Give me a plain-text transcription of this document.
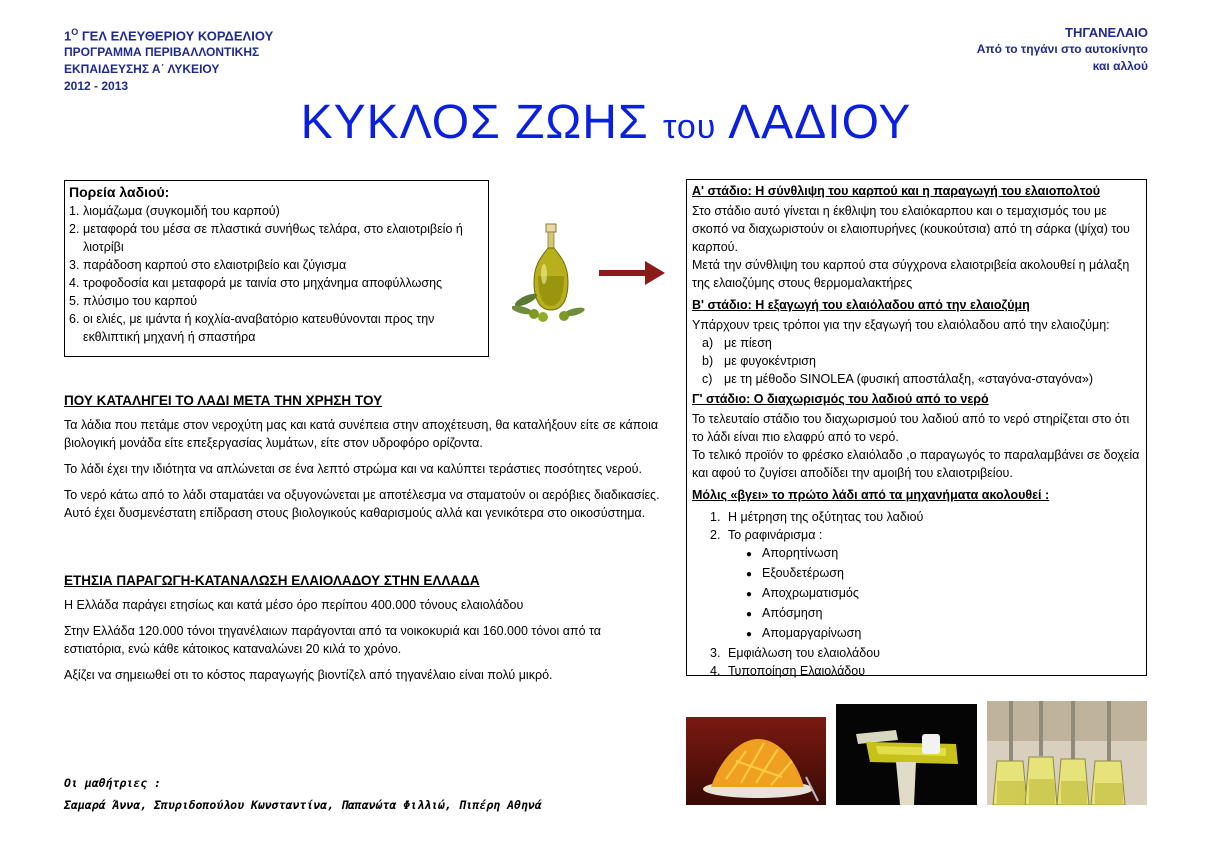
$1^O$ ΓΕΛ ΕΛΕΥΘΕΡΙΟΥ ΚΟΡΔΕΛΙΟΥ
ΠΡΟΓΡΑΜΜΑ ΠΕΡΙΒΑΛΛΟΝΤΙΚΗΣ
ΕΚΠΑΙΔΕΥΣΗΣ Α΄ ΛΥΚΕΙΟΥ
2012 - 2013
ΤΗΓΑΝΕΛΑΙΟ
Από το τηγάνι στο αυτοκίνητο
και αλλού
ΚΥΚΛΟΣ ΖΩΗΣ του ΛΑΔΙΟΥ
Πορεία λαδιού:
1. λιομάζωμα (συγκομιδή του καρπού)
2. μεταφορά του μέσα σε πλαστικά συνήθως τελάρα, στο ελαιοτριβείο ή λιοτρίβι
3. παράδοση καρπού στο ελαιοτριβείο και ζύγισμα
4. τροφοδοσία και μεταφορά με ταινία στο μηχάνημα αποφύλλωσης
5. πλύσιμο του καρπού
6. οι ελιές, με ιμάντα ή κοχλία-αναβατόριο κατευθύνονται προς την εκθλιπτική μηχανή ή σπαστήρα
ΠΟΥ ΚΑΤΑΛΗΓΕΙ ΤΟ ΛΑΔΙ ΜΕΤΑ ΤΗΝ ΧΡΗΣΗ ΤΟΥ

Τα λάδια που πετάμε στον νεροχύτη μας και κατά συνέπεια στην αποχέτευση, θα καταλήξουν είτε σε κάποια βιολογική μονάδα είτε επεξεργασίας λυμάτων, είτε στον υδροφόρο ορίζοντα.

Το λάδι έχει την ιδιότητα να απλώνεται σε ένα λεπτό στρώμα και να καλύπτει τεράστιες ποσότητες νερού.

Το νερό κάτω από το λάδι σταματάει να οξυγονώνεται με αποτέλεσμα να σταματούν οι αερόβιες διαδικασίες. Αυτό έχει δυσμενέστατη επίδραση στους βιολογικούς καθαρισμούς αλλά και γενικότερα στο οικοσύστημα.

ΕΤΗΣΙΑ ΠΑΡΑΓΩΓΗ-ΚΑΤΑΝΑΛΩΣΗ ΕΛΑΙΟΛΑΔΟΥ ΣΤΗΝ ΕΛΛΑΔΑ

Η Ελλάδα παράγει ετησίως και κατά μέσο όρο περίπου 400.000 τόνους ελαιολάδου

Στην Ελλάδα 120.000 τόνοι τηγανέλαιων παράγονται από τα νοικοκυριά και 160.000 τόνοι από τα εστιατόρια, ενώ κάθε κάτοικος καταναλώνει 20 κιλά το χρόνο.

Αξίζει να σημειωθεί οτι το κόστος παραγωγής βιοντίζελ από τηγανέλαιο είναι πολύ μικρό.

Α' στάδιο: Η σύνθλιψη του καρπού και η παραγωγή του ελαιοπολτού

Στο στάδιο αυτό γίνεται η έκθλιψη του ελαιόκαρπου και ο τεμαχισμός του με σκοπό να διαχωριστούν οι ελαιοπυρήνες (κουκούτσια) από τη σάρκα (ψίχα) του καρπού.

Μετά την σύνθλιψη του καρπού στα σύγχρονα ελαιοτριβεία ακολουθεί η μάλαξη της ελαιοζύμης στους θερμομαλακτήρες

Β' στάδιο: Η εξαγωγή του ελαιόλαδου από την ελαιοζύμη

Υπάρχουν τρεις τρόποι για την εξαγωγή του ελαιόλαδου από την ελαιοζύμη:

a) με πίεση
b) με φυγοκέντριση
c) με τη μέθοδο SINOLEA (φυσική αποστάλαξη, «σταγόνα-σταγόνα»)
Γ' στάδιο: Ο διαχωρισμός του λαδιού από το νερό

Το τελευταίο στάδιο του διαχωρισμού του λαδιού από το νερό στηρίζεται στο ότι το λάδι είναι πιο ελαφρύ από το νερό.

Το τελικό προϊόν το φρέσκο ελαιόλαδο ,ο παραγωγός το παραλαμβάνει σε δοχεία και αφού το ζυγίσει αποδίδει την αμοιβή του ελαιοτριβείου.

Μόλις «βγει» το πρώτο λάδι από τα μηχανήματα ακολουθεί :
1. Η μέτρηση της οξύτητας του λαδιού
2. Το ραφινάρισμα :
● Απορητίνωση
● Εξουδετέρωση
● Αποχρωματισμός
● Απόσμηση
● Απομαργαρίνωση
3. Εμφιάλωση του ελαιολάδου
4. Τυποποίηση Ελαιολάδου
Οι μαθήτριες :
Σαμαρά Άννα, Σπυριδοπούλου Κωνσταντίνα, Παπανώτα Φιλλιώ, Πιπέρη Αθηνά
